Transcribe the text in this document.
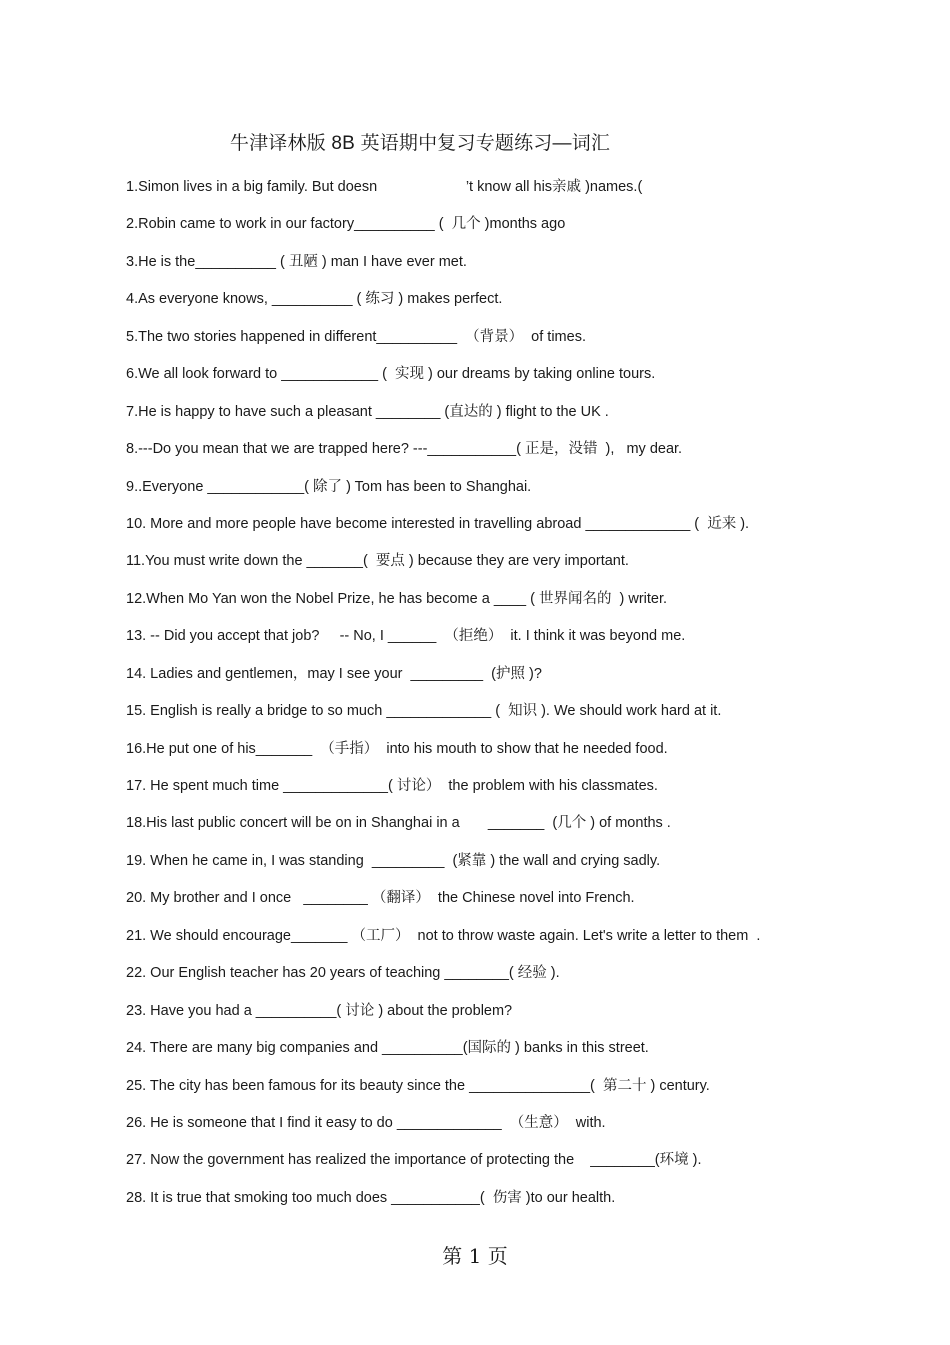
牛津译林版 8B 英语期中复习专题练习—词汇
1.Simon lives in a big family. But doesn                      ’t know all his亲戚 )names.(
2.Robin came to work in our factory__________ (  几个 )months ago
3.He is the__________ ( 丑陋 ) man I have ever met.
4.As everyone knows, __________ ( 练习 ) makes perfect.
5.The two stories happened in different__________  （背景）  of times.
6.We all look forward to ____________ (  实现 ) our dreams by taking online tours.
7.He is happy to have such a pleasant ________ (直达的 ) flight to the UK .
8.---Do you mean that we are trapped here? ---___________( 正是，没错  ),   my dear.
9..Everyone ____________( 除了 ) Tom has been to Shanghai.
10. More and more people have become interested in travelling abroad _____________ (  近来 ).
11.You must write down the _______(  要点 ) because they are very important.
12.When Mo Yan won the Nobel Prize, he has become a ____ ( 世界闻名的  ) writer.
13. -- Did you accept that job?     -- No, I ______  （拒绝）  it. I think it was beyond me.
14. Ladies and gentlemen，may I see your  _________  (护照 )?
15. English is really a bridge to so much _____________ (  知识 ). We should work hard at it.
16.He put one of his_______  （手指）  into his mouth to show that he needed food.
17. He spent much time _____________( 讨论）  the problem with his classmates.
18.His last public concert will be on in Shanghai in a       _______  (几个 ) of months .
19. When he came in, I was standing  _________  (紧靠 ) the wall and crying sadly.
20. My brother and I once   ________ （翻译）  the Chinese novel into French.
21. We should encourage_______ （工厂）  not to throw waste again. Let's write a letter to them  .
22. Our English teacher has 20 years of teaching ________( 经验 ).
23. Have you had a __________( 讨论 ) about the problem?
24. There are many big companies and __________(国际的 ) banks in this street.
25. The city has been famous for its beauty since the _______________(  第二十 ) century.
26. He is someone that I find it easy to do _____________  （生意）  with.
27. Now the government has realized the importance of protecting the    ________(环境 ).
28. It is true that smoking too much does ___________(  伤害 )to our health.
第 1 页
